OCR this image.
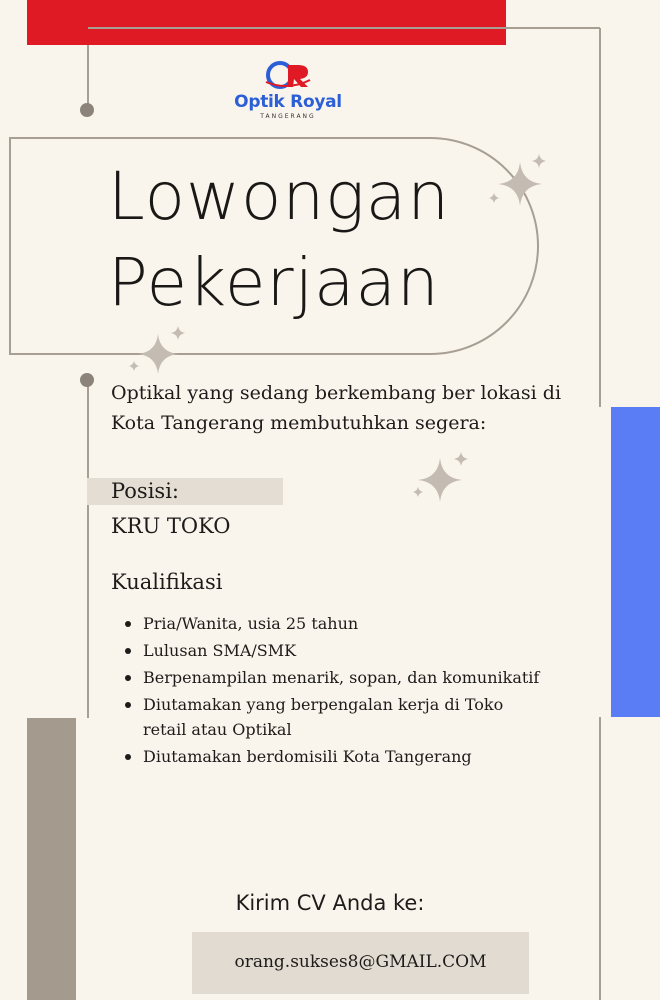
Optik Royal
TANGERANG
Lowongan
Pekerjaan
Optikal yang sedang berkembang ber lokasi di Kota Tangerang membutuhkan segera:
Posisi:
KRU TOKO
Kualifikasi
Pria/Wanita, usia 25 tahun
Lulusan SMA/SMK
Berpenampilan menarik, sopan, dan komunikatif
Diutamakan yang berpengalan kerja di Toko retail atau Optikal
Diutamakan berdomisili Kota Tangerang
Kirim CV Anda ke:
orang.sukses8@GMAIL.COM
